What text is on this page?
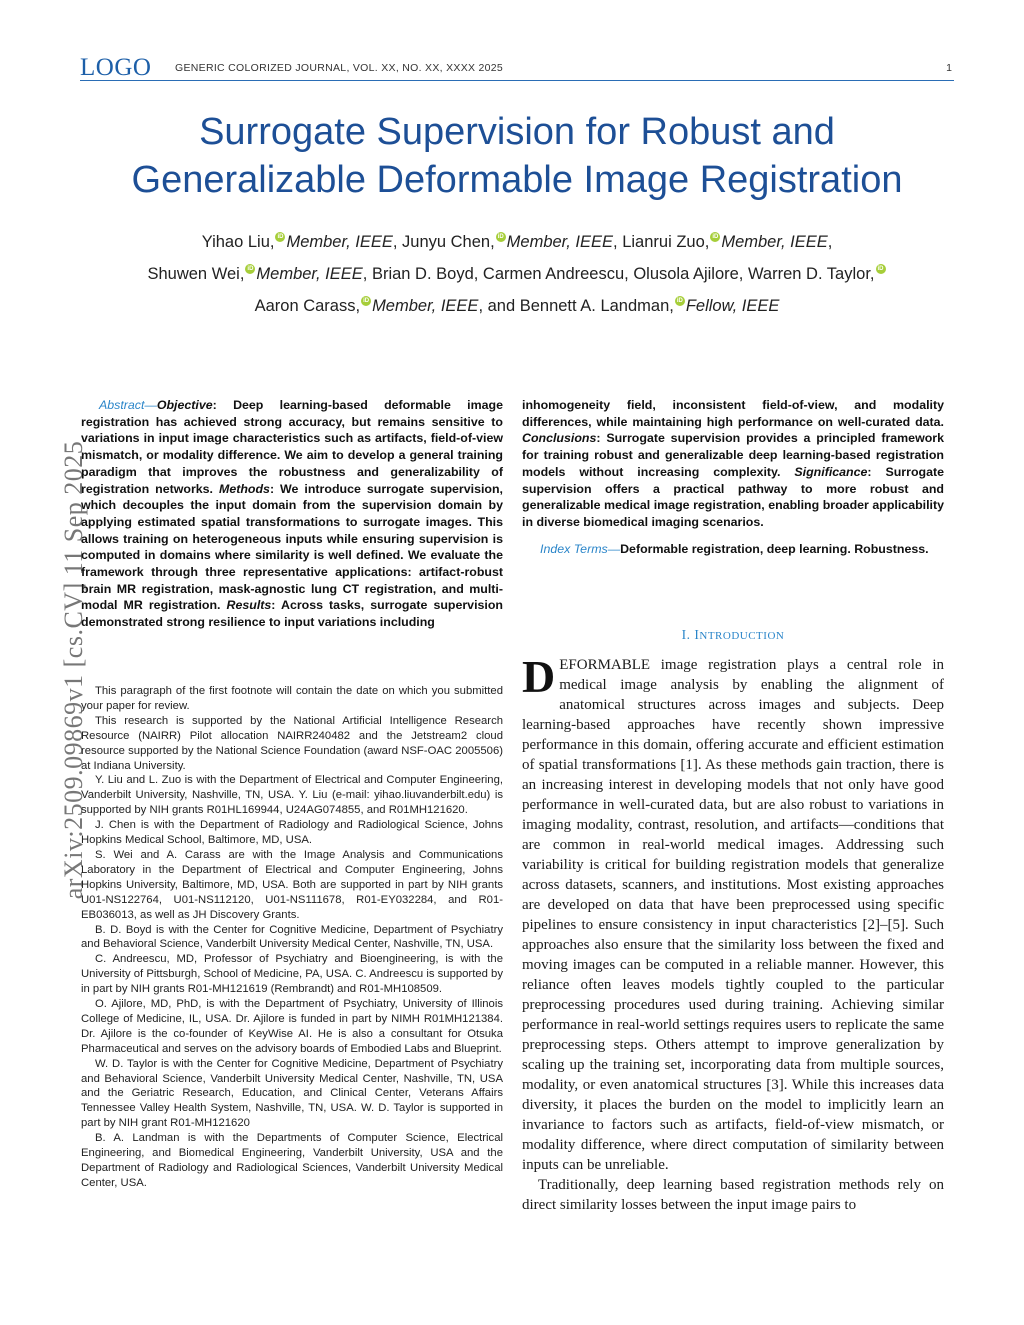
LOGO GENERIC COLORIZED JOURNAL, VOL. XX, NO. XX, XXXX 2025	1
Surrogate Supervision for Robust and
Generalizable Deformable Image Registration
Yihao Liu, iD Member, IEEE, Junyu Chen, iD Member, IEEE, Lianrui Zuo, iD Member, IEEE,
Shuwen Wei, iD Member, IEEE, Brian D. Boyd, Carmen Andreescu, Olusola Ajilore, Warren D. Taylor, iD
Aaron Carass, iD Member, IEEE, and Bennett A. Landman, iD Fellow, IEEE
arXiv:2509.09869v1 [cs.CV] 11 Sep 2025
Abstract—Objective: Deep learning-based deformable image registration has achieved strong accuracy, but remains sensitive to variations in input image characteristics such as artifacts, field-of-view mismatch, or modality difference. We aim to develop a general training paradigm that improves the robustness and generalizability of registration networks. Methods: We introduce surrogate supervision, which decouples the input domain from the supervision domain by applying estimated spatial transformations to surrogate images. This allows training on heterogeneous inputs while ensuring supervision is computed in domains where similarity is well defined. We evaluate the framework through three representative applications: artifact-robust brain MR registration, mask-agnostic lung CT registration, and multi-modal MR registration. Results: Across tasks, surrogate supervision demonstrated strong resilience to input variations including
inhomogeneity field, inconsistent field-of-view, and modality differences, while maintaining high performance on well-curated data. Conclusions: Surrogate supervision provides a principled framework for training robust and generalizable deep learning-based registration models without increasing complexity. Significance: Surrogate supervision offers a practical pathway to more robust and generalizable medical image registration, enabling broader applicability in diverse biomedical imaging scenarios.
Index Terms—Deformable registration, deep learning. Robustness.

This paragraph of the first footnote will contain the date on which you submitted your paper for review.

This research is supported by the National Artificial Intelligence Research Resource (NAIRR) Pilot allocation NAIRR240482 and the Jetstream2 cloud resource supported by the National Science Foundation (award NSF-OAC 2005506) at Indiana University.

Y. Liu and L. Zuo is with the Department of Electrical and Computer Engineering, Vanderbilt University, Nashville, TN, USA. Y. Liu (e-mail: yihao.liuvanderbilt.edu) is supported by NIH grants R01HL169944, U24AG074855, and R01MH121620.

J. Chen is with the Department of Radiology and Radiological Science, Johns Hopkins Medical School, Baltimore, MD, USA.

S. Wei and A. Carass are with the Image Analysis and Communications Laboratory in the Department of Electrical and Computer Engineering, Johns Hopkins University, Baltimore, MD, USA. Both are supported in part by NIH grants U01-NS122764, U01-NS112120, U01-NS111678, R01-EY032284, and R01-EB036013, as well as JH Discovery Grants.

B. D. Boyd is with the Center for Cognitive Medicine, Department of Psychiatry and Behavioral Science, Vanderbilt University Medical Center, Nashville, TN, USA.

C. Andreescu, MD, Professor of Psychiatry and Bioengineering, is with the University of Pittsburgh, School of Medicine, PA, USA. C. Andreescu is supported by in part by NIH grants R01-MH121619 (Rembrandt) and R01-MH108509.

O. Ajilore, MD, PhD, is with the Department of Psychiatry, University of Illinois College of Medicine, IL, USA. Dr. Ajilore is funded in part by NIMH R01MH121384. Dr. Ajilore is the co-founder of KeyWise AI. He is also a consultant for Otsuka Pharmaceutical and serves on the advisory boards of Embodied Labs and Blueprint.

W. D. Taylor is with the Center for Cognitive Medicine, Department of Psychiatry and Behavioral Science, Vanderbilt University Medical Center, Nashville, TN, USA and the Geriatric Research, Education, and Clinical Center, Veterans Affairs Tennessee Valley Health System, Nashville, TN, USA. W. D. Taylor is supported in part by NIH grant R01-MH121620

B. A. Landman is with the Departments of Computer Science, Electrical Engineering, and Biomedical Engineering, Vanderbilt University, USA and the Department of Radiology and Radiological Sciences, Vanderbilt University Medical Center, USA.

I. INTRODUCTION

DEFORMABLE image registration plays a central role in medical image analysis by enabling the alignment of anatomical structures across images and subjects. Deep learning-based approaches have recently shown impressive performance in this domain, offering accurate and efficient estimation of spatial transformations [1]. As these methods gain traction, there is an increasing interest in developing models that not only have good performance in well-curated data, but are also robust to variations in imaging modality, contrast, resolution, and artifacts—conditions that are common in real-world medical images. Addressing such variability is critical for building registration models that generalize across datasets, scanners, and institutions. Most existing approaches are developed on data that have been preprocessed using specific pipelines to ensure consistency in input characteristics [2]–[5]. Such approaches also ensure that the similarity loss between the fixed and moving images can be computed in a reliable manner. However, this reliance often leaves models tightly coupled to the particular preprocessing procedures used during training. Achieving similar performance in real-world settings requires users to replicate the same preprocessing steps. Others attempt to improve generalization by scaling up the training set, incorporating data from multiple sources, modality, or even anatomical structures [3]. While this increases data diversity, it places the burden on the model to implicitly learn an invariance to factors such as artifacts, field-of-view mismatch, or modality difference, where direct computation of similarity between inputs can be unreliable.

Traditionally, deep learning based registration methods rely on direct similarity losses between the input image pairs to
